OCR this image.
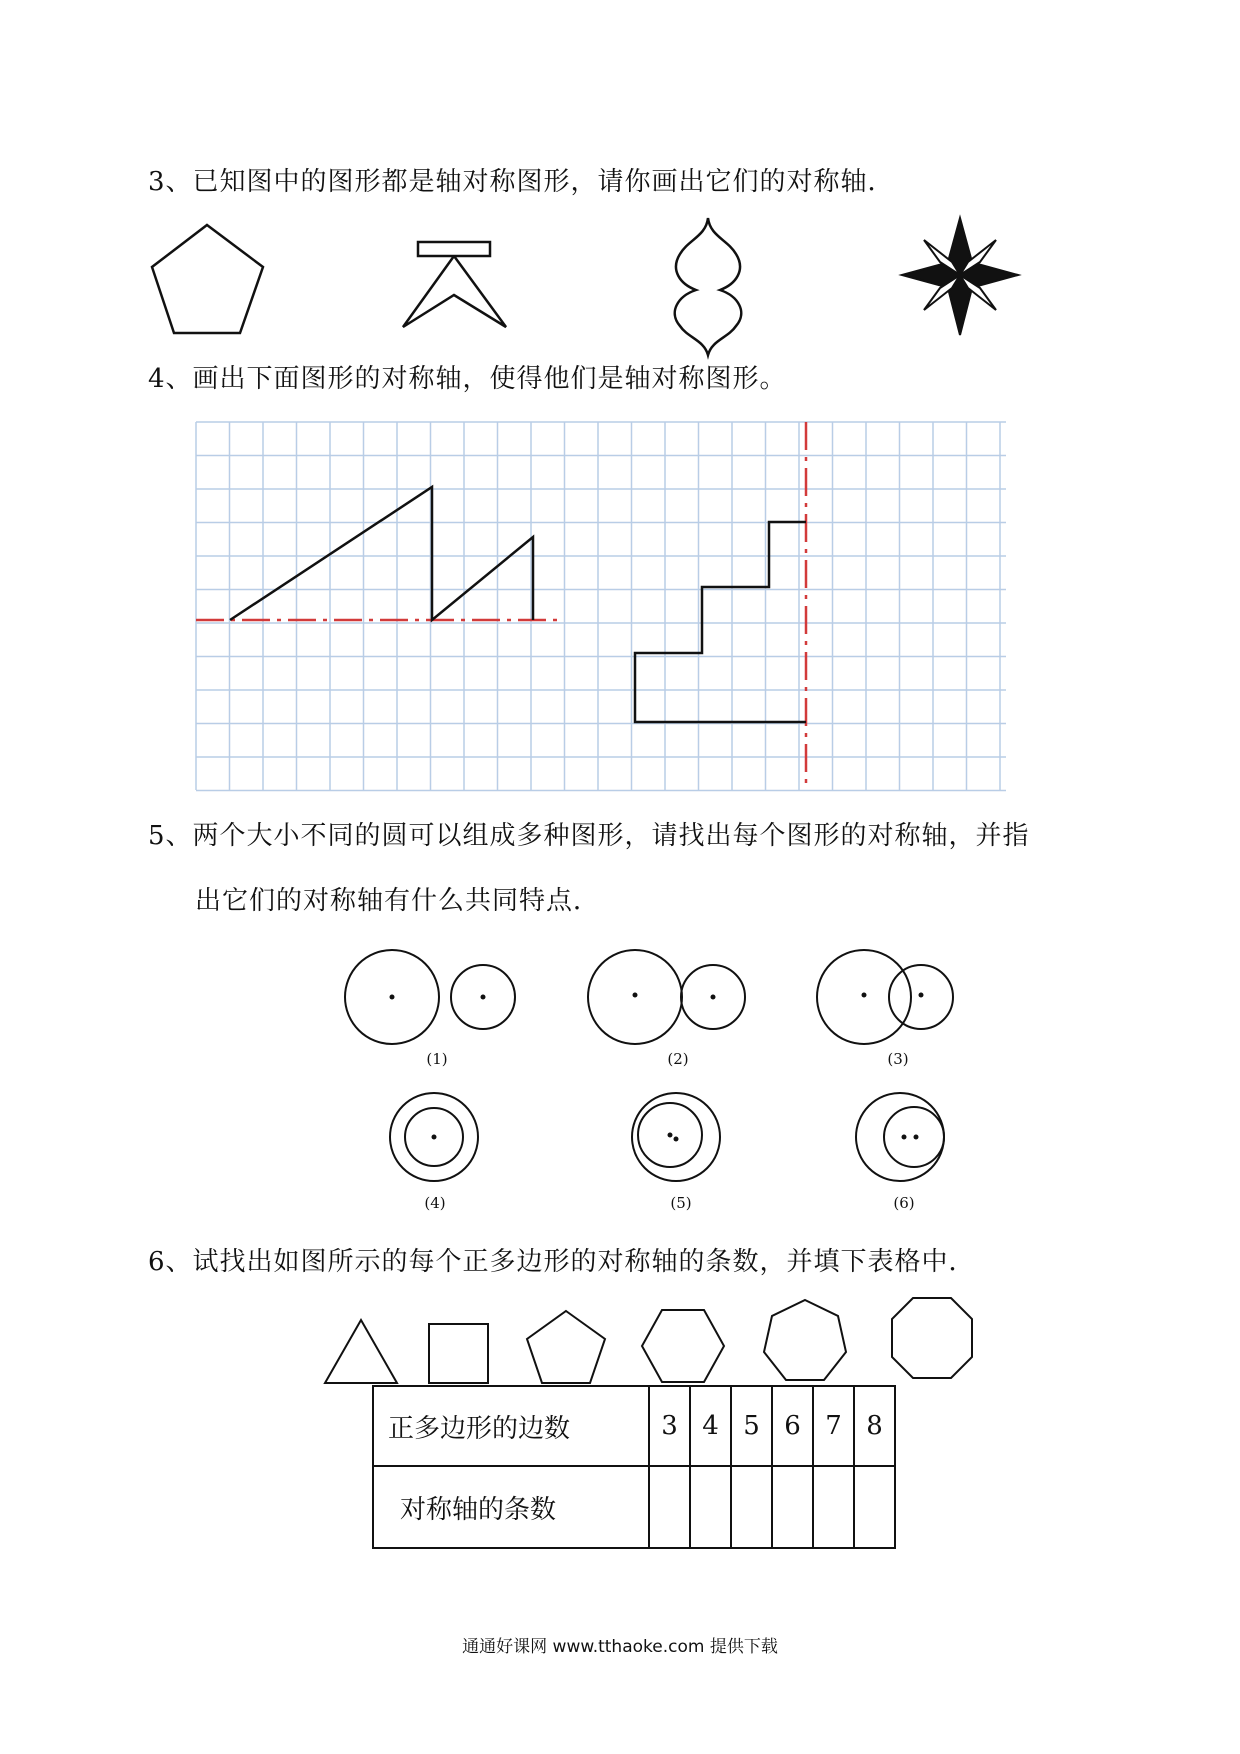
3、已知图中的图形都是轴对称图形，请你画出它们的对称轴．
4、画出下面图形的对称轴，使得他们是轴对称图形。
5、两个大小不同的圆可以组成多种图形，请找出每个图形的对称轴，并指
出它们的对称轴有什么共同特点．
(1)	(2)	(3)
(4)	(5)	(6)
6、试找出如图所示的每个正多边形的对称轴的条数，并填下表格中．
正多边形的边数	3	4	5	6	7	8
对称轴的条数						
通通好课网 www.tthaoke.com 提供下载
